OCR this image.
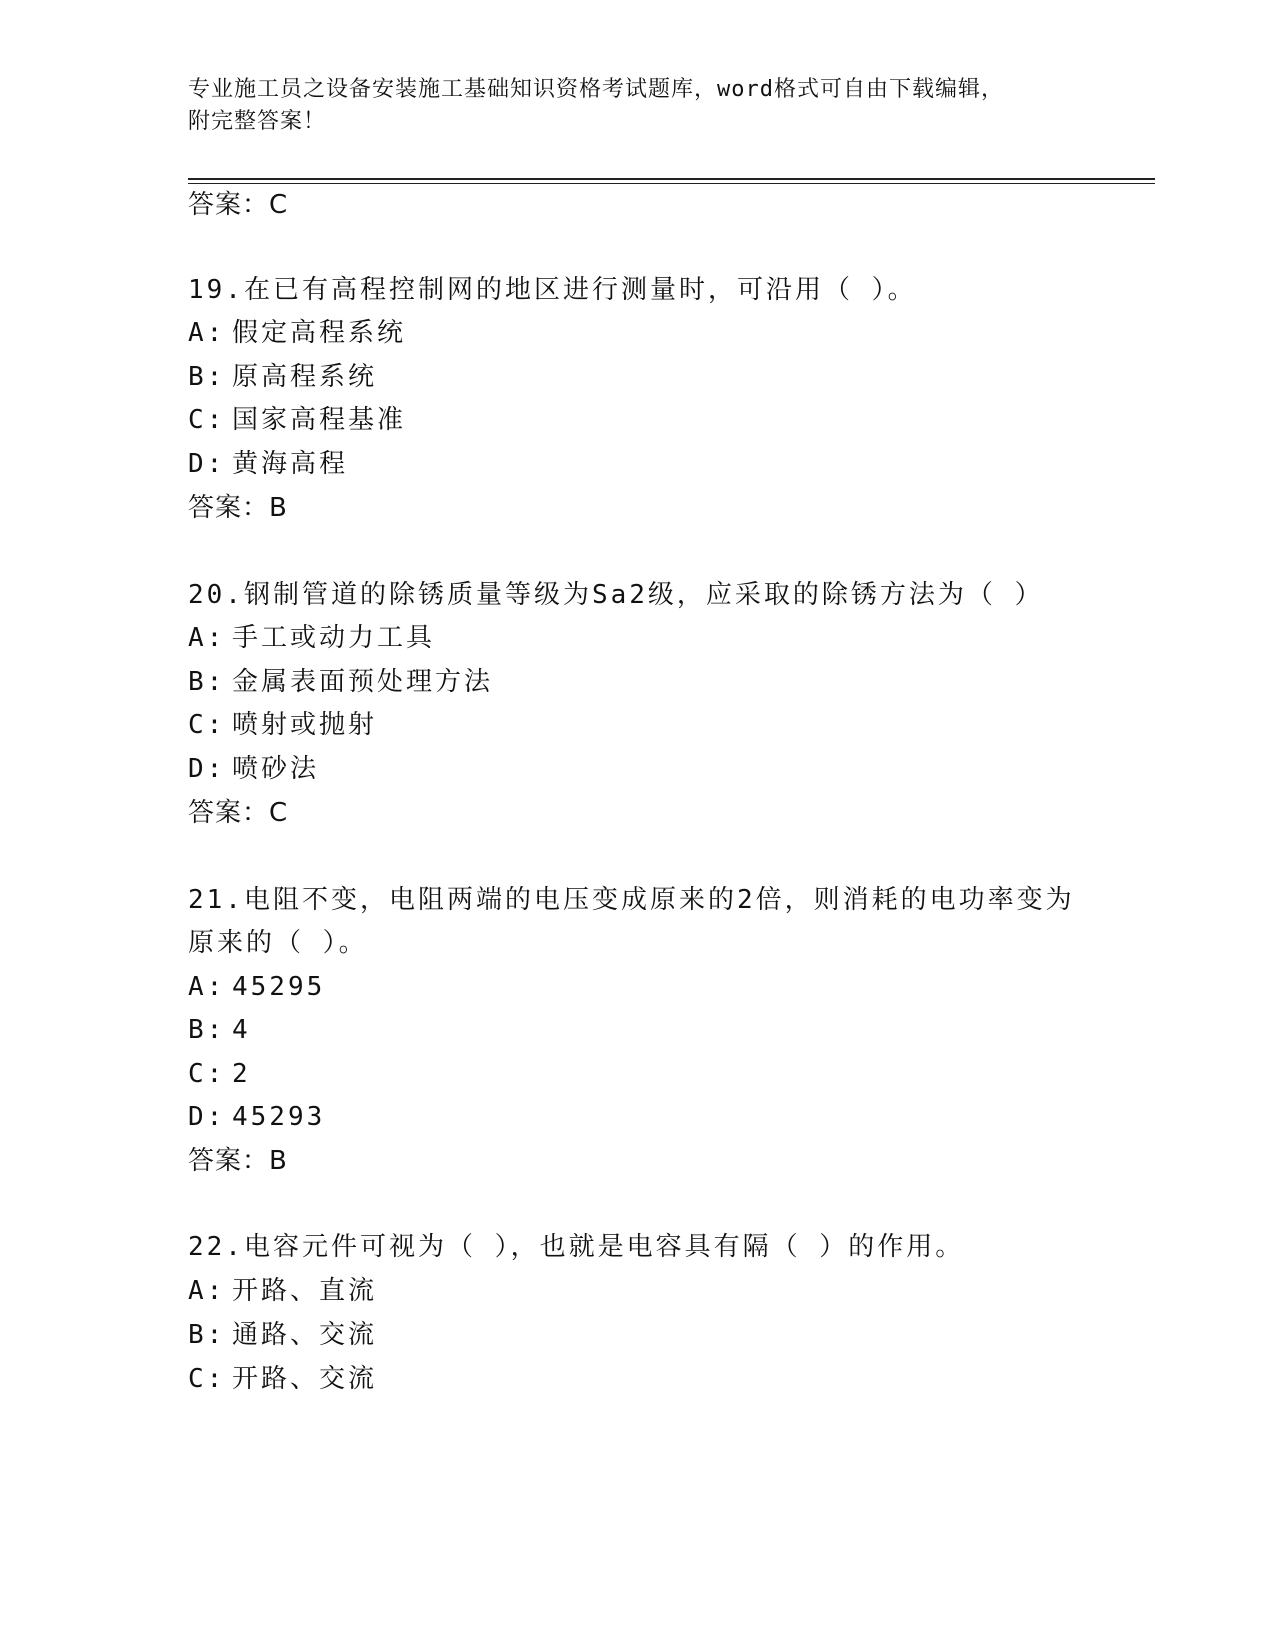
专业施工员之设备安装施工基础知识资格考试题库，word格式可自由下载编辑，
附完整答案！
答案：C
19.在已有高程控制网的地区进行测量时，可沿用（ ）。
A: 假定高程系统
B: 原高程系统
C: 国家高程基准
D: 黄海高程
答案：B
20.钢制管道的除锈质量等级为Sa2级，应采取的除锈方法为（ ）
A: 手工或动力工具
B: 金属表面预处理方法
C: 喷射或抛射
D: 喷砂法
答案：C
21.电阻不变，电阻两端的电压变成原来的2倍，则消耗的电功率变为
原来的（ ）。
A: 45295
B: 4
C: 2
D: 45293
答案：B
22.电容元件可视为（ ），也就是电容具有隔（ ）的作用。
A: 开路、直流
B: 通路、交流
C: 开路、交流
